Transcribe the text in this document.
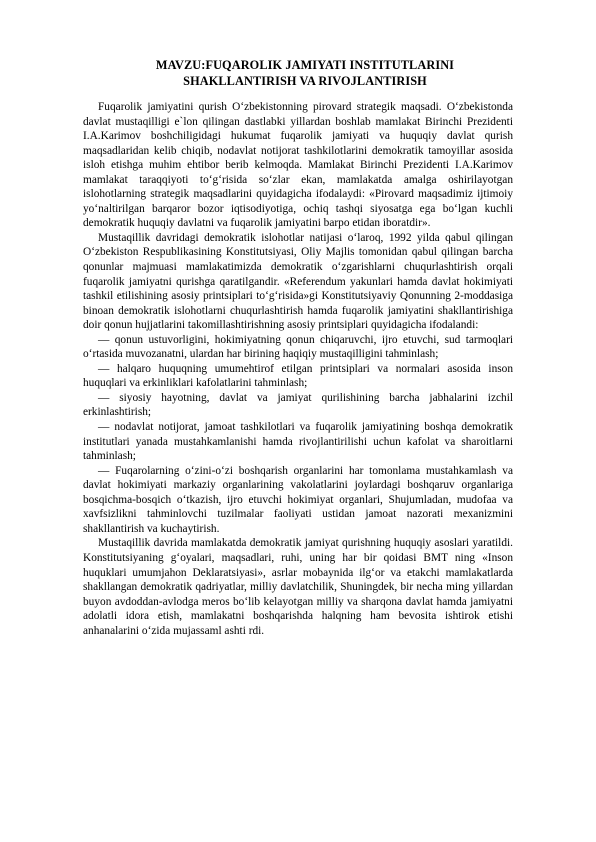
MAVZU:FUQAROLIK JAMIYATI INSTITUTLARINI
SHAKLLANTIRISH VA RIVOJLANTIRISH

Fuqarolik jamiyatini qurish O‘zbekistonning pirovard strategik maqsadi. O‘zbekistonda davlat mustaqilligi e`lon qilingan dastlabki yillardan boshlab mamlakat Birinchi Prezidenti I.A.Karimov boshchiligidagi hukumat fuqarolik jamiyati va huquqiy davlat qurish maqsadlaridan kelib chiqib, nodavlat notijorat tashkilotlarini demokratik tamoyillar asosida isloh etishga muhim ehtibor berib kelmoqda. Mamlakat Birinchi Prezidenti I.A.Karimov mamlakat taraqqiyoti to‘g‘risida so‘zlar ekan, mamlakatda amalga oshirilayotgan islohotlarning strategik maqsadlarini quyidagicha ifodalaydi: «Pirovard maqsadimiz ijtimoiy yo‘naltirilgan barqaror bozor iqtisodiyotiga, ochiq tashqi siyosatga ega bo‘lgan kuchli demokratik huquqiy davlatni va fuqarolik jamiyatini barpo etidan iboratdir».

Mustaqillik davridagi demokratik islohotlar natijasi o‘laroq, 1992 yilda qabul qilingan O‘zbekiston Respublikasining Konstitutsiyasi, Oliy Majlis tomonidan qabul qilingan barcha qonunlar majmuasi mamlakatimizda demokratik o‘zgarishlarni chuqurlashtirish orqali fuqarolik jamiyatni qurishga qaratilgandir. «Referendum yakunlari hamda davlat hokimiyati tashkil etilishining asosiy printsiplari to‘g‘risida»gi Konstitutsiyaviy Qonunning 2-moddasiga binoan demokratik islohotlarni chuqurlashtirish hamda fuqarolik jamiyatini shakllantirishiga doir qonun hujjatlarini takomillashtirishning asosiy printsiplari quyidagicha ifodalandi:

— qonun ustuvorligini, hokimiyatning qonun chiqaruvchi, ijro etuvchi, sud tarmoqlari o‘rtasida muvozanatni, ulardan har birining haqiqiy mustaqilligini tahminlash;

— halqaro huquqning umumehtirof etilgan printsiplari va normalari asosida inson huquqlari va erkinliklari kafolatlarini tahminlash;

— siyosiy hayotning, davlat va jamiyat qurilishining barcha jabhalarini izchil erkinlashtirish;

— nodavlat notijorat, jamoat tashkilotlari va fuqarolik jamiyatining boshqa demokratik institutlari yanada mustahkamlanishi hamda rivojlantirilishi uchun kafolat va sharoitlarni tahminlash;

— Fuqarolarning o‘zini-o‘zi boshqarish organlarini har tomonlama mustahkamlash va davlat hokimiyati markaziy organlarining vakolatlarini joylardagi boshqaruv organlariga bosqichma-bosqich o‘tkazish, ijro etuvchi hokimiyat organlari, Shujumladan, mudofaa va xavfsizlikni tahminlovchi tuzilmalar faoliyati ustidan jamoat nazorati mexanizmini shakllantirish va kuchaytirish.

Mustaqillik davrida mamlakatda demokratik jamiyat qurishning huquqiy asoslari yaratildi. Konstitutsiyaning g‘oyalari, maqsadlari, ruhi, uning har bir qoidasi BMT ning «Inson huquklari umumjahon Deklaratsiyasi», asrlar mobaynida ilg‘or va etakchi mamlakatlarda shakllangan demokratik qadriyatlar, milliy davlatchilik, Shuningdek, bir necha ming yillardan buyon avdoddan-avlodga meros bo‘lib kelayotgan milliy va sharqona davlat hamda jamiyatni adolatli idora etish, mamlakatni boshqarishda halqning ham bevosita ishtirok etishi anhanalarini o‘zida mujassaml ashti rdi.
